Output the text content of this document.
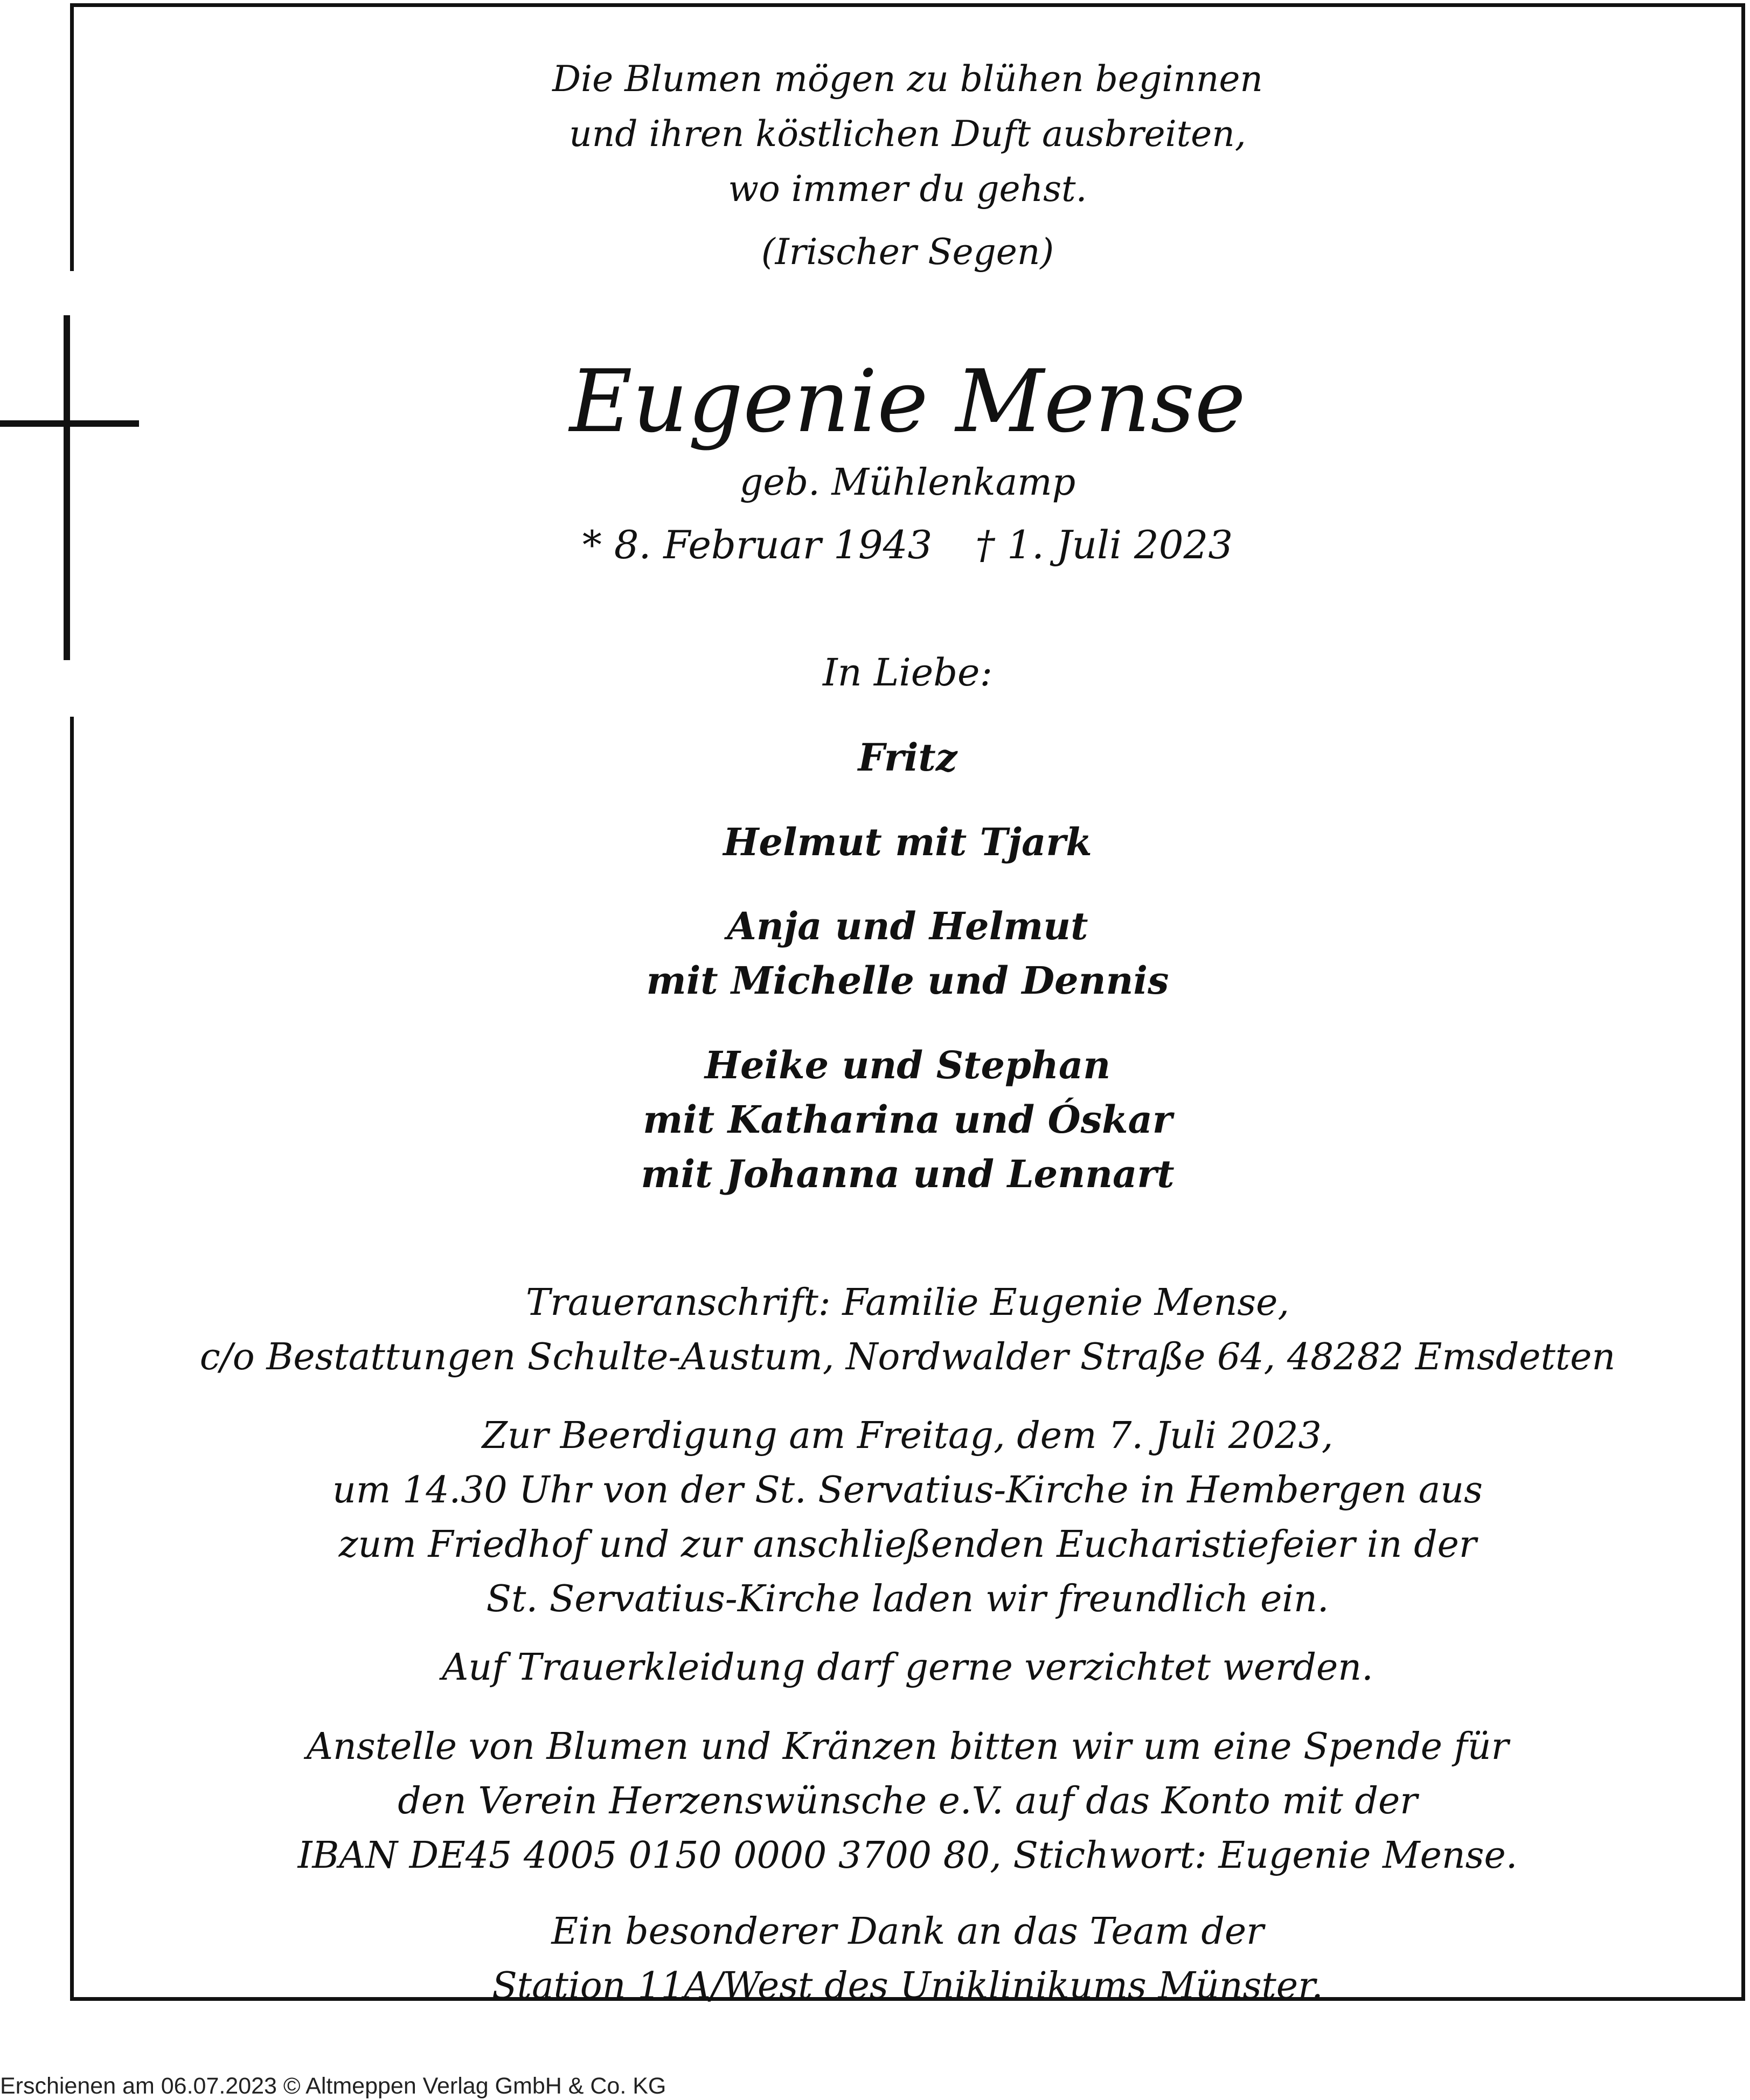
Die Blumen mögen zu blühen beginnen
und ihren köstlichen Duft ausbreiten,
wo immer du gehst.
(Irischer Segen)
Eugenie Mense
geb. Mühlenkamp
* 8. Februar 1943 † 1. Juli 2023
In Liebe:
Fritz
Helmut mit Tjark
Anja und Helmut
mit Michelle und Dennis
Heike und Stephan
mit Katharina und Óskar
mit Johanna und Lennart
Traueranschrift: Familie Eugenie Mense,
c/o Bestattungen Schulte-Austum, Nordwalder Straße 64, 48282 Emsdetten
Zur Beerdigung am Freitag, dem 7. Juli 2023,
um 14.30 Uhr von der St. Servatius-Kirche in Hembergen aus
zum Friedhof und zur anschließenden Eucharistiefeier in der
St. Servatius-Kirche laden wir freundlich ein.
Auf Trauerkleidung darf gerne verzichtet werden.
Anstelle von Blumen und Kränzen bitten wir um eine Spende für
den Verein Herzenswünsche e.V. auf das Konto mit der
IBAN DE45 4005 0150 0000 3700 80, Stichwort: Eugenie Mense.
Ein besonderer Dank an das Team der
Station 11A/West des Uniklinikums Münster.
Erschienen am 06.07.2023 © Altmeppen Verlag GmbH & Co. KG
